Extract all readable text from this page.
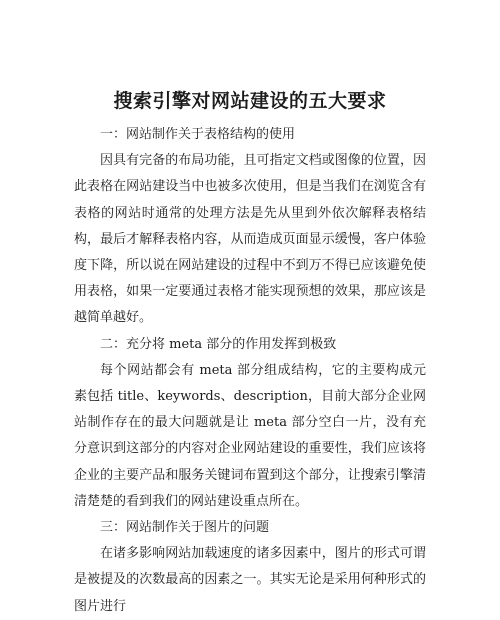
搜索引擎对网站建设的五大要求

一：网站制作关于表格结构的使用

因具有完备的布局功能，且可指定文档或图像的位置，因此表格在网站建设当中也被多次使用，但是当我们在浏览含有表格的网站时通常的处理方法是先从里到外依次解释表格结构，最后才解释表格内容，从而造成页面显示缓慢，客户体验度下降，所以说在网站建设的过程中不到万不得已应该避免使用表格，如果一定要通过表格才能实现预想的效果，那应该是越简单越好。

二：充分将 meta 部分的作用发挥到极致

每个网站都会有 meta 部分组成结构，它的主要构成元素包括 title、keywords、description，目前大部分企业网站制作存在的最大问题就是让 meta 部分空白一片，没有充分意识到这部分的内容对企业网站建设的重要性，我们应该将企业的主要产品和服务关键词布置到这个部分，让搜索引擎清清楚楚的看到我们的网站建设重点所在。

三：网站制作关于图片的问题

在诸多影响网站加载速度的诸多因素中，图片的形式可谓是被提及的次数最高的因素之一。其实无论是采用何种形式的图片进行
